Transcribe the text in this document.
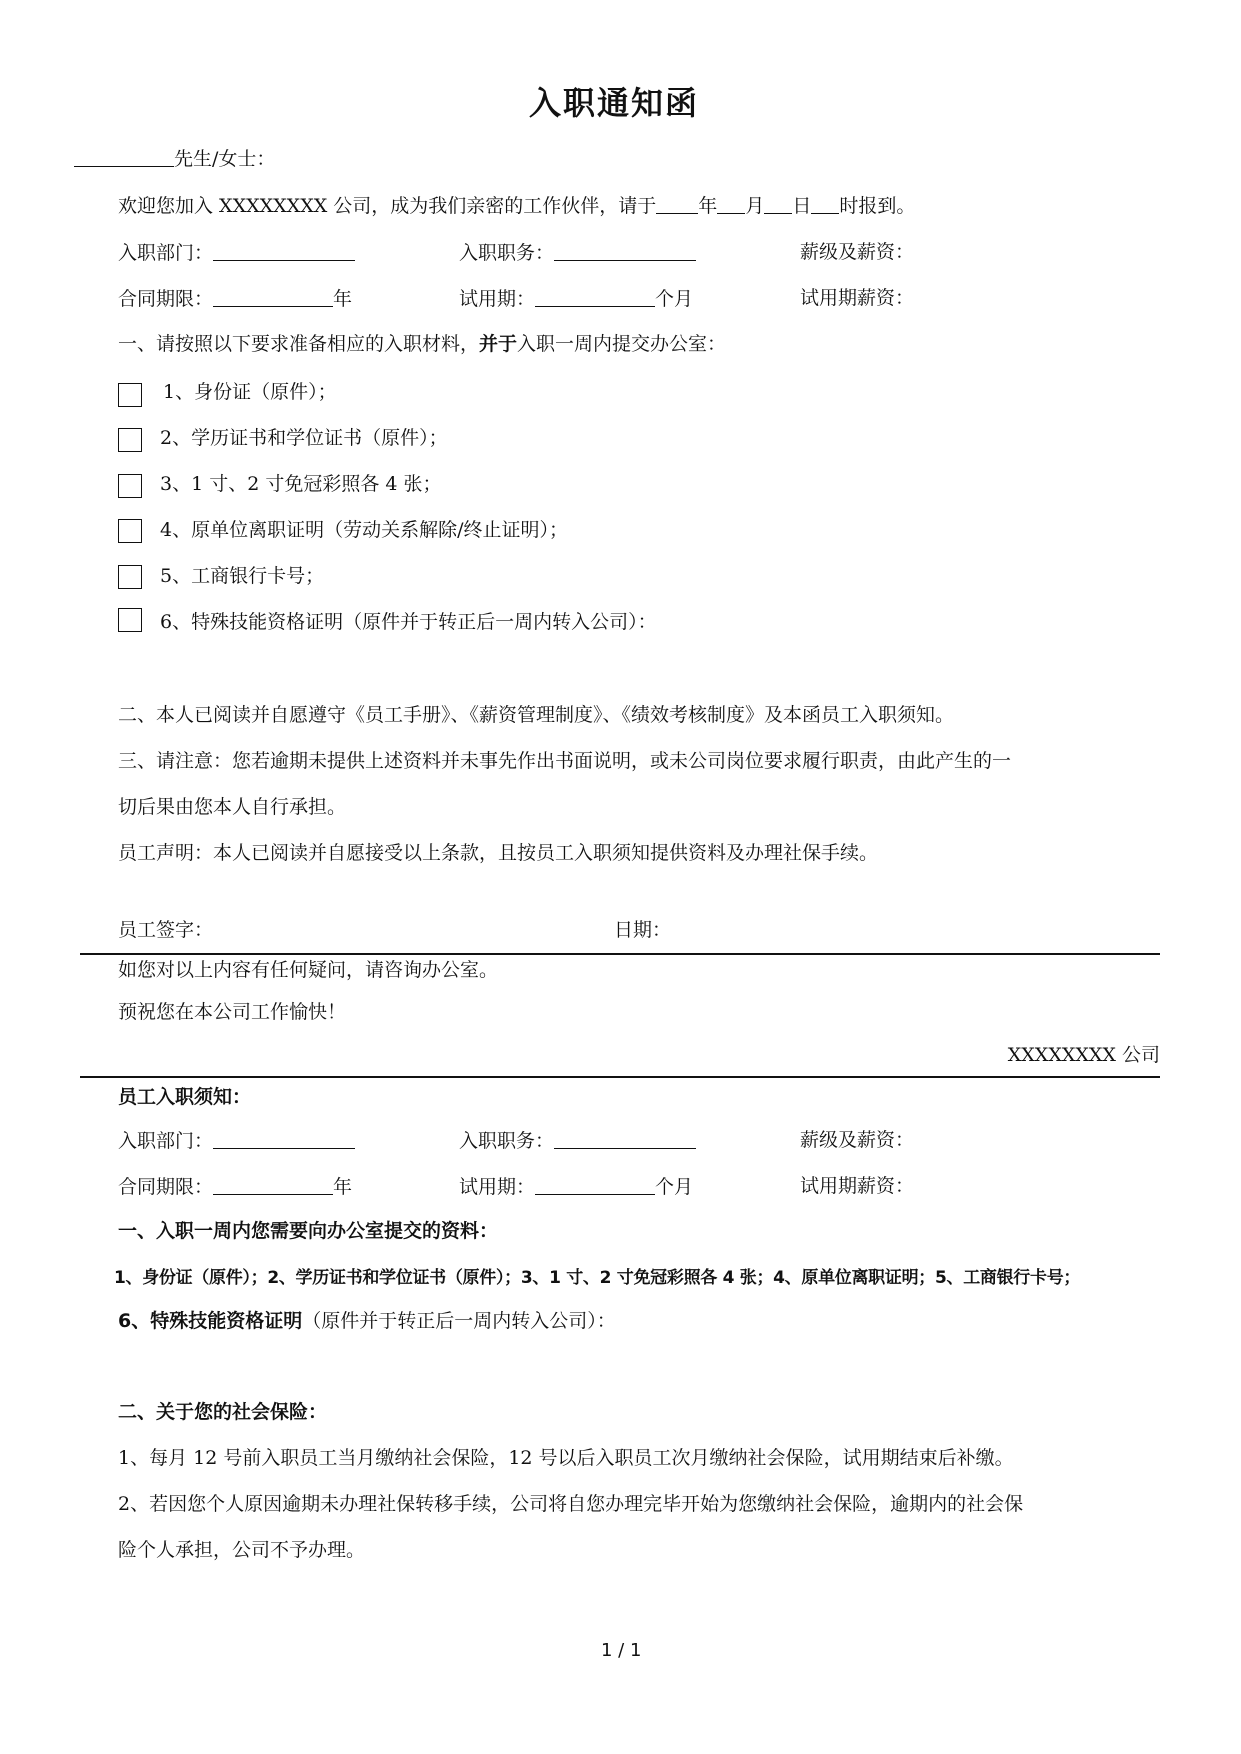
入职通知函
先生/女士：
欢迎您加入 XXXXXXXX 公司，成为我们亲密的工作伙伴，请于 年 月 日 时报到。
入职部门：	入职职务：	薪级及薪资：
合同期限：	年	试用期：	个月	试用期薪资：
一、请按照以下要求准备相应的入职材料，并于入职一周内提交办公室：
1、身份证（原件）；
2、学历证书和学位证书（原件）；
3、1 寸、2 寸免冠彩照各 4 张；
4、原单位离职证明（劳动关系解除/终止证明）；
5、工商银行卡号；
6、特殊技能资格证明（原件并于转正后一周内转入公司）：
二、本人已阅读并自愿遵守《员工手册》、《薪资管理制度》、《绩效考核制度》及本函员工入职须知。
三、请注意：您若逾期未提供上述资料并未事先作出书面说明，或未公司岗位要求履行职责，由此产生的一
切后果由您本人自行承担。
员工声明：本人已阅读并自愿接受以上条款，且按员工入职须知提供资料及办理社保手续。
员工签字：	日期：
如您对以上内容有任何疑问，请咨询办公室。
预祝您在本公司工作愉快！
XXXXXXXX 公司
员工入职须知：
入职部门：	入职职务：	薪级及薪资：
合同期限：	年	试用期：	个月	试用期薪资：
一、入职一周内您需要向办公室提交的资料：
1、身份证（原件）；2、学历证书和学位证书（原件）；3、1 寸、2 寸免冠彩照各 4 张；4、原单位离职证明；5、工商银行卡号；
6、特殊技能资格证明（原件并于转正后一周内转入公司）：
二、关于您的社会保险：
1、每月 12 号前入职员工当月缴纳社会保险，12 号以后入职员工次月缴纳社会保险，试用期结束后补缴。
2、若因您个人原因逾期未办理社保转移手续，公司将自您办理完毕开始为您缴纳社会保险，逾期内的社会保
险个人承担，公司不予办理。
1 / 1
